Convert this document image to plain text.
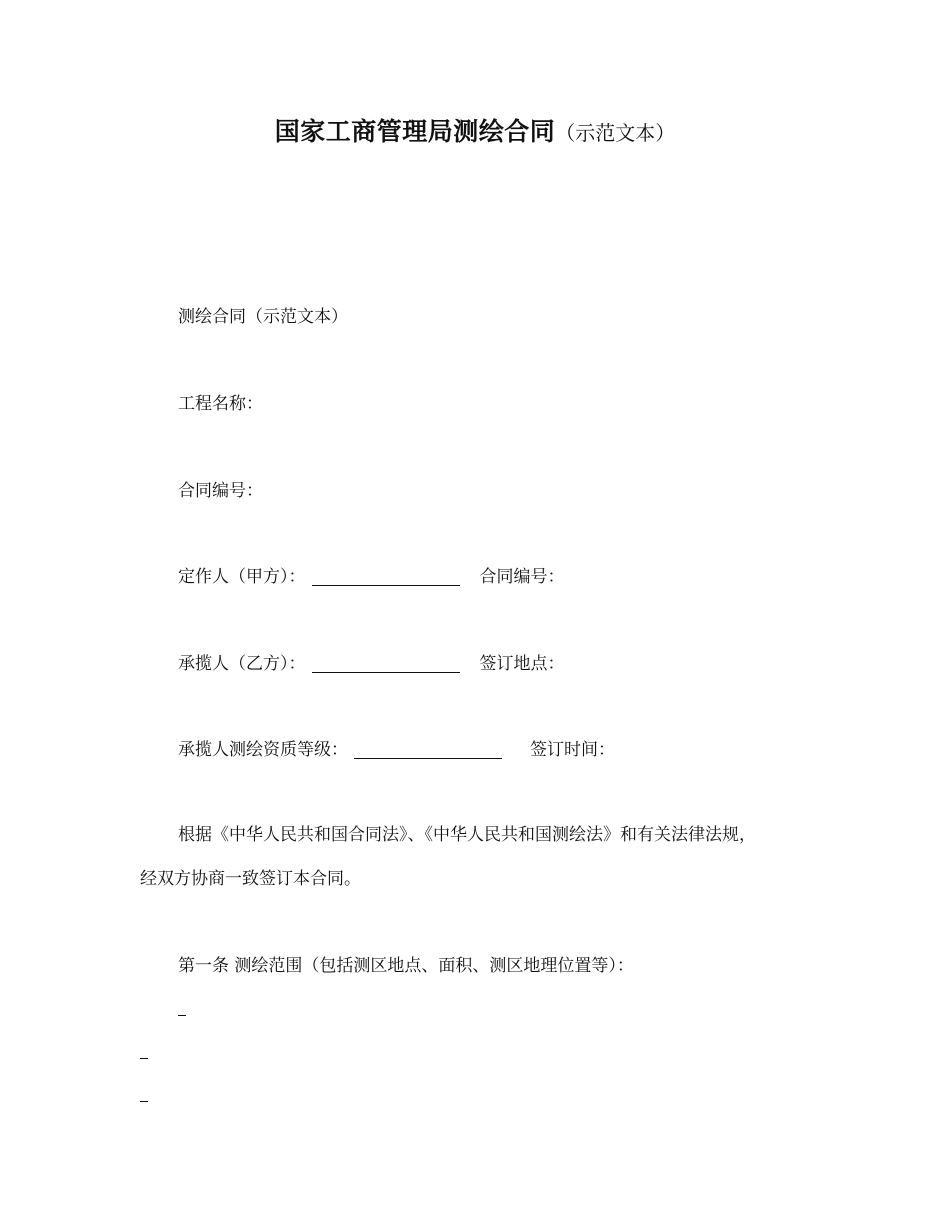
国家工商管理局测绘合同（示范文本）
测绘合同（示范文本）
工程名称：
合同编号：
定作人（甲方）：	合同编号：
承揽人（乙方）：	签订地点：
承揽人测绘资质等级：	签订时间：
根据《中华人民共和国合同法》、《中华人民共和国测绘法》和有关法律法规，
经双方协商一致签订本合同。
第一条 测绘范围（包括测区地点、面积、测区地理位置等）：
